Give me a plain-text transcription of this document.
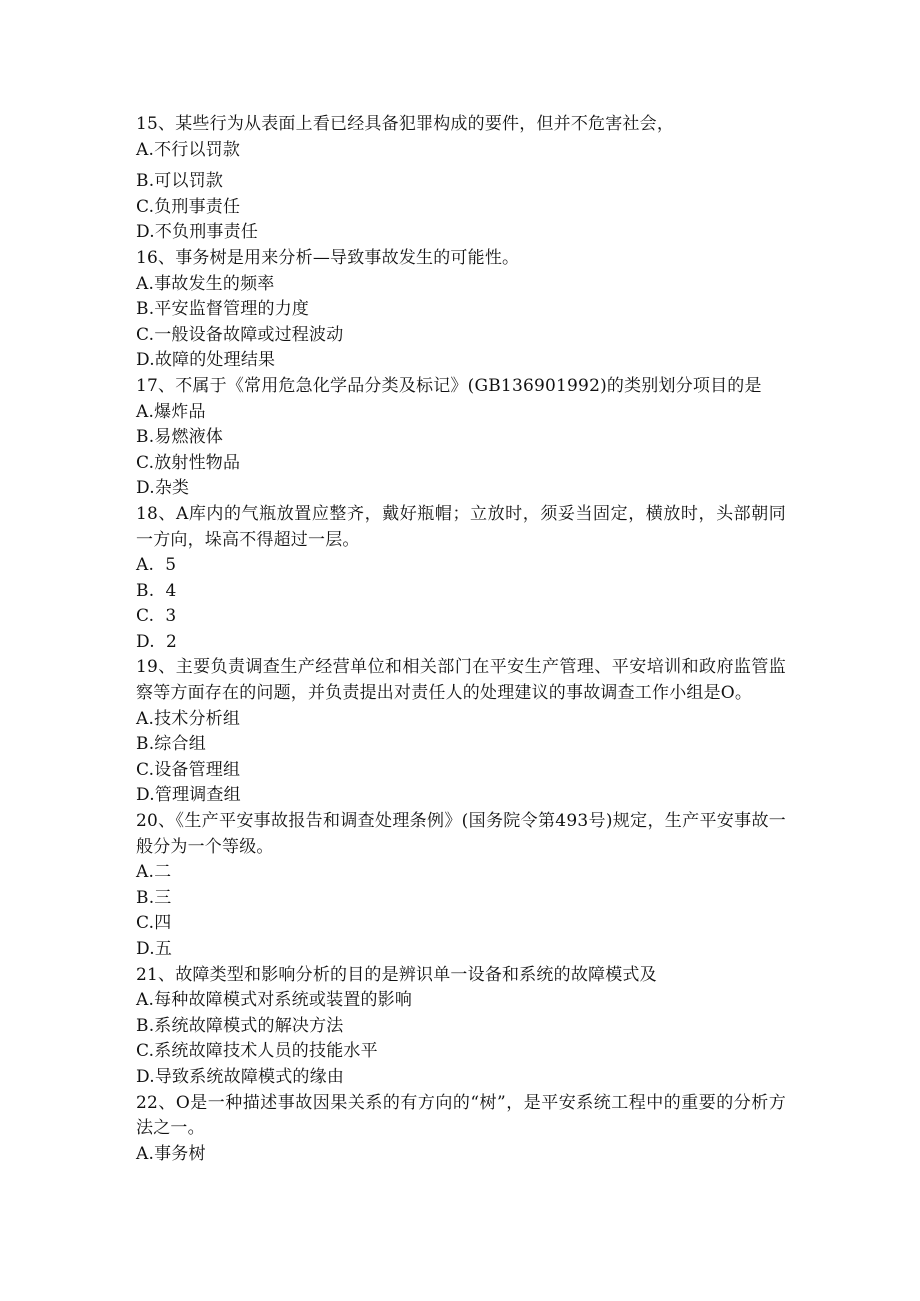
15、某些行为从表面上看已经具备犯罪构成的要件，但并不危害社会，
A.不行以罚款
B.可以罚款
C.负刑事责任
D.不负刑事责任
16、事务树是用来分析—导致事故发生的可能性。
A.事故发生的频率
B.平安监督管理的力度
C.一般设备故障或过程波动
D.故障的处理结果
17、不属于《常用危急化学品分类及标记》(GB136901992)的类别划分项目的是
A.爆炸品
B.易燃液体
C.放射性物品
D.杂类
18、A库内的气瓶放置应整齐，戴好瓶帽；立放时，须妥当固定，横放时，头部朝同一方向，垛高不得超过一层。
A.  5
B.  4
C.  3
D.  2
19、主要负责调查生产经营单位和相关部门在平安生产管理、平安培训和政府监管监察等方面存在的问题，并负责提出对责任人的处理建议的事故调查工作小组是O。
A.技术分析组
B.综合组
C.设备管理组
D.管理调查组
20、《生产平安事故报告和调查处理条例》(国务院令第493号)规定，生产平安事故一般分为一个等级。
A.二
B.三
C.四
D.五
21、故障类型和影响分析的目的是辨识单一设备和系统的故障模式及
A.每种故障模式对系统或装置的影响
B.系统故障模式的解决方法
C.系统故障技术人员的技能水平
D.导致系统故障模式的缘由
22、O是一种描述事故因果关系的有方向的“树”，是平安系统工程中的重要的分析方法之一。
A.事务树
